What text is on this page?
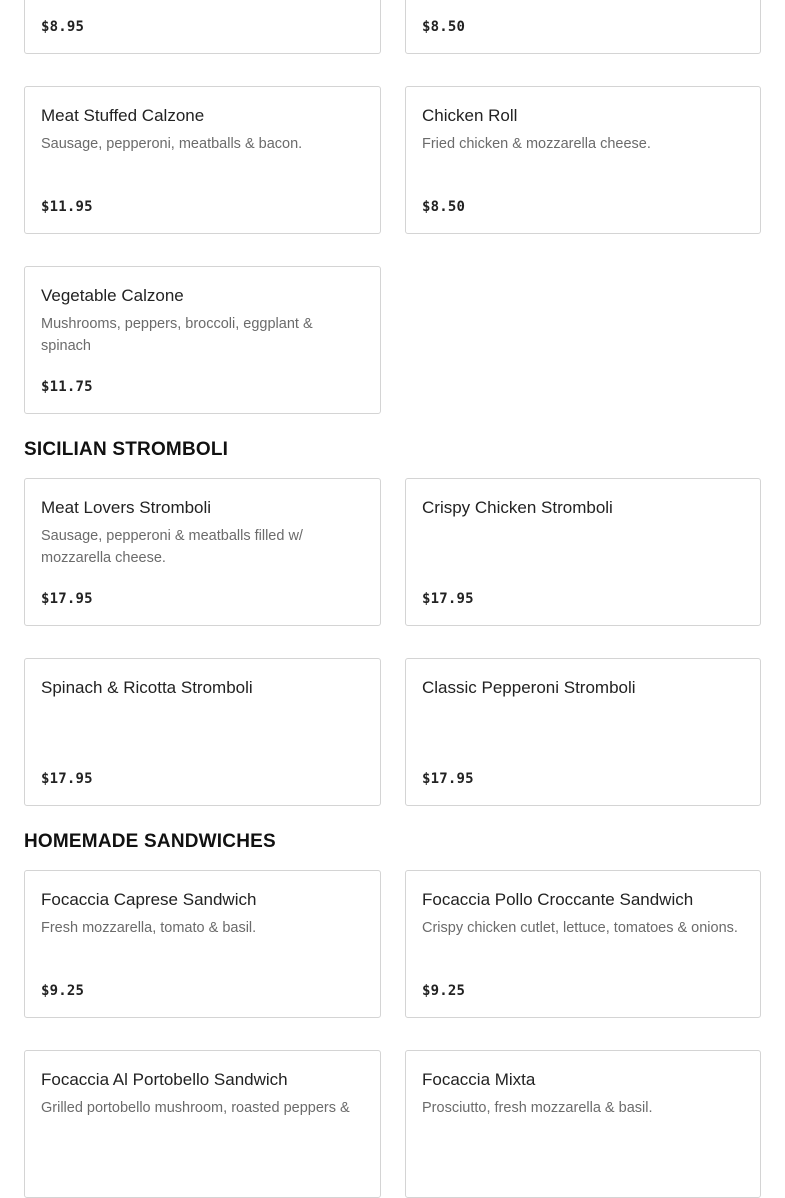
$8.95	$8.50
Meat Stuffed Calzone
Sausage, pepperoni, meatballs & bacon.
$11.95
Chicken Roll
Fried chicken & mozzarella cheese.
$8.50
Vegetable Calzone
Mushrooms, peppers, broccoli, eggplant & spinach
$11.75
SICILIAN STROMBOLI
Meat Lovers Stromboli
Sausage, pepperoni & meatballs filled w/ mozzarella cheese.
$17.95
Crispy Chicken Stromboli
$17.95
Spinach & Ricotta Stromboli
$17.95
Classic Pepperoni Stromboli
$17.95
HOMEMADE SANDWICHES
Focaccia Caprese Sandwich
Fresh mozzarella, tomato & basil.
$9.25
Focaccia Pollo Croccante Sandwich
Crispy chicken cutlet, lettuce, tomatoes & onions.
$9.25
Focaccia Al Portobello Sandwich
Grilled portobello mushroom, roasted peppers &
Focaccia Mixta
Prosciutto, fresh mozzarella & basil.
